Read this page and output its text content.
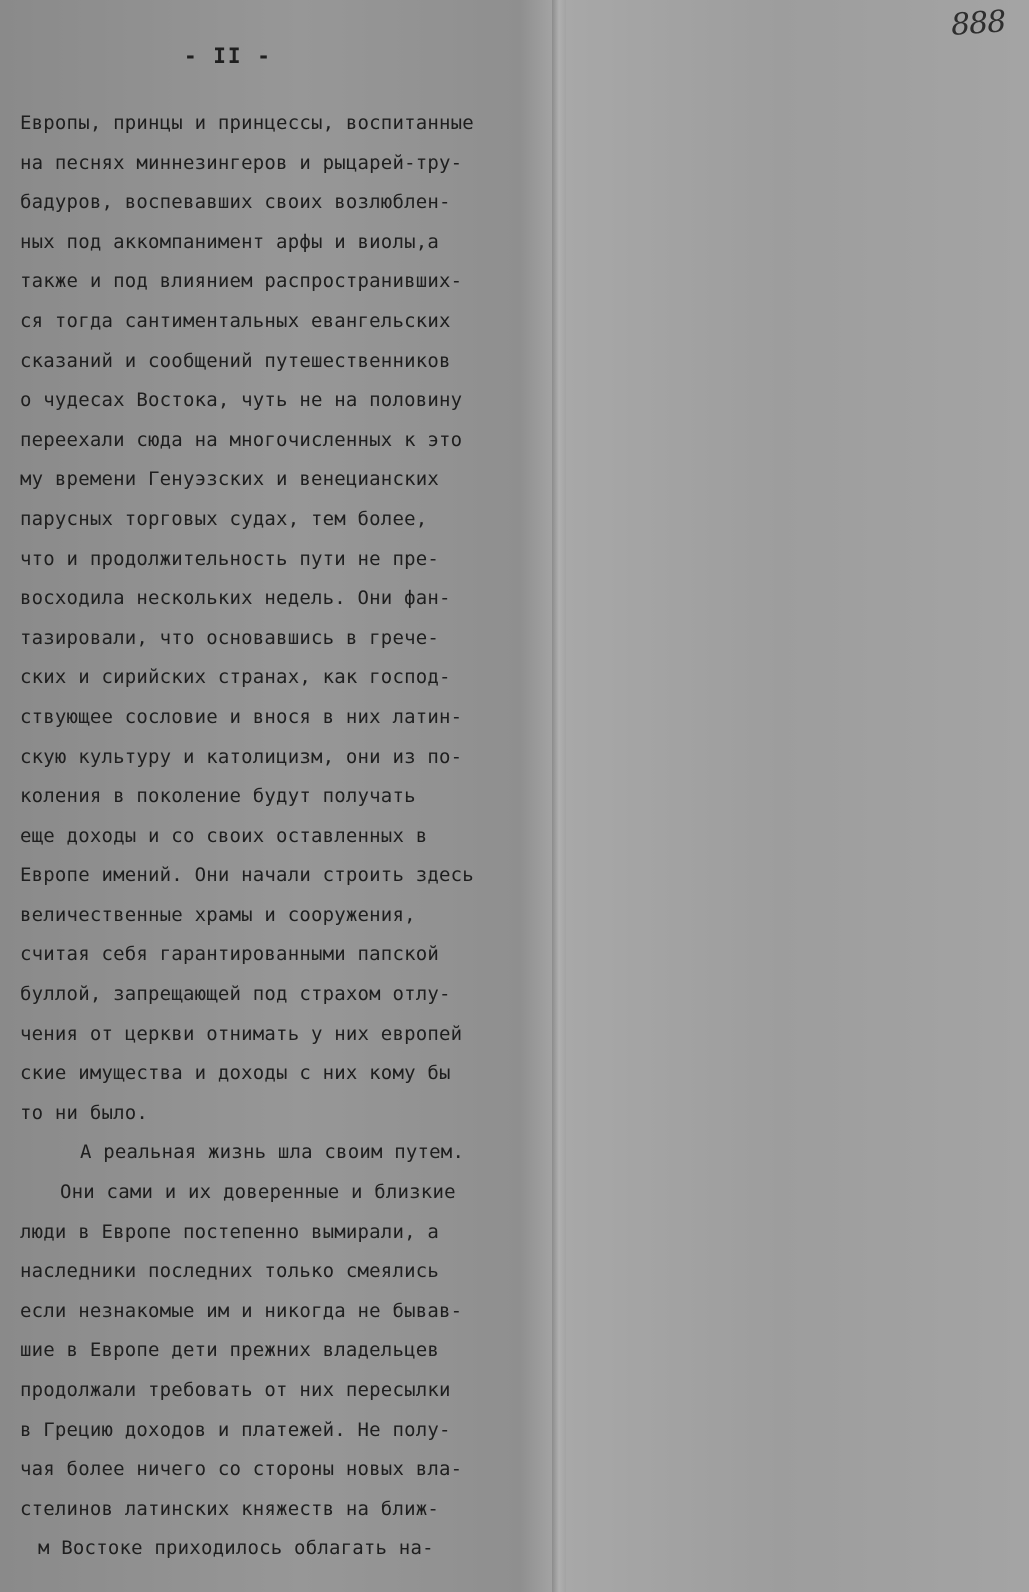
888
- II -
Европы, принцы и принцессы, воспитанные
на песнях миннезингеров и рыцарей-тру-
бадуров, воспевавших своих возлюблен-
ных под аккомпанимент арфы и виолы,а
также и под влиянием распространивших-
ся тогда сантиментальных евангельских
сказаний и сообщений путешественников
о чудесах Востока, чуть не на половину
переехали сюда на многочисленных к это
му времени Генуэзских и венецианских
парусных торговых судах, тем более,
что и продолжительность пути не пре-
восходила нескольких недель. Они фан-
тазировали, что основавшись в грече-
ских и сирийских странах, как господ-
ствующее сословие и внося в них латин-
скую культуру и католицизм, они из по-
коления в поколение будут получать
еще доходы и со своих оставленных в
Европе имений. Они начали строить здесь
величественные храмы и сооружения,
считая себя гарантированными папской
буллой, запрещающей под страхом отлу-
чения от церкви отнимать у них европей
ские имущества и доходы с них кому бы
то ни было.
А реальная жизнь шла своим путем.
Они сами и их доверенные и близкие
люди в Европе постепенно вымирали, а
наследники последних только смеялись
если незнакомые им и никогда не бывав-
шие в Европе дети прежних владельцев
продолжали требовать от них пересылки
в Грецию доходов и платежей. Не полу-
чая более ничего со стороны новых вла-
стелинов латинских княжеств на ближ-
м Востоке приходилось облагать на-
